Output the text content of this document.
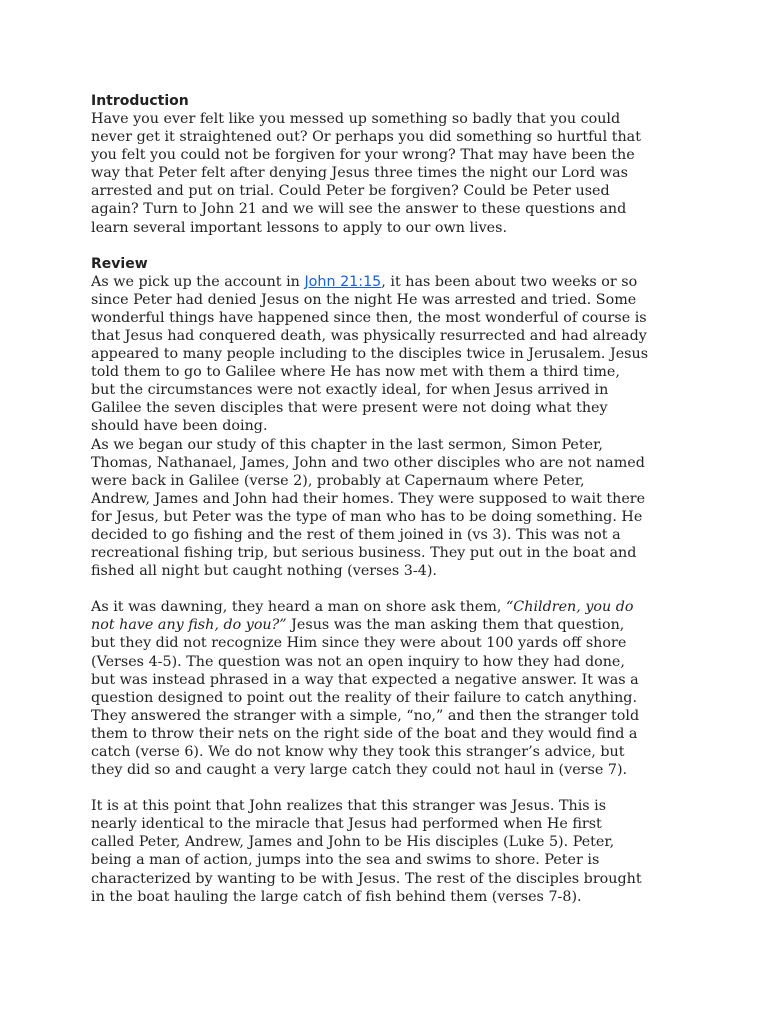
Introduction

Have you ever felt like you messed up something so badly that you could
never get it straightened out? Or perhaps you did something so hurtful that
you felt you could not be forgiven for your wrong? That may have been the
way that Peter felt after denying Jesus three times the night our Lord was
arrested and put on trial. Could Peter be forgiven? Could be Peter used
again? Turn to John 21 and we will see the answer to these questions and
learn several important lessons to apply to our own lives.

Review

As we pick up the account in John 21:15, it has been about two weeks or so
since Peter had denied Jesus on the night He was arrested and tried. Some
wonderful things have happened since then, the most wonderful of course is
that Jesus had conquered death, was physically resurrected and had already
appeared to many people including to the disciples twice in Jerusalem. Jesus
told them to go to Galilee where He has now met with them a third time,
but the circumstances were not exactly ideal, for when Jesus arrived in
Galilee the seven disciples that were present were not doing what they
should have been doing.

As we began our study of this chapter in the last sermon, Simon Peter,
Thomas, Nathanael, James, John and two other disciples who are not named
were back in Galilee (verse 2), probably at Capernaum where Peter,
Andrew, James and John had their homes. They were supposed to wait there
for Jesus, but Peter was the type of man who has to be doing something. He
decided to go fishing and the rest of them joined in (vs 3). This was not a
recreational fishing trip, but serious business. They put out in the boat and
fished all night but caught nothing (verses 3-4).

As it was dawning, they heard a man on shore ask them, “Children, you do
not have any fish, do you?” Jesus was the man asking them that question,
but they did not recognize Him since they were about 100 yards off shore
(Verses 4-5). The question was not an open inquiry to how they had done,
but was instead phrased in a way that expected a negative answer. It was a
question designed to point out the reality of their failure to catch anything.
They answered the stranger with a simple, “no,” and then the stranger told
them to throw their nets on the right side of the boat and they would find a
catch (verse 6). We do not know why they took this stranger’s advice, but
they did so and caught a very large catch they could not haul in (verse 7).

It is at this point that John realizes that this stranger was Jesus. This is
nearly identical to the miracle that Jesus had performed when He first
called Peter, Andrew, James and John to be His disciples (Luke 5). Peter,
being a man of action, jumps into the sea and swims to shore. Peter is
characterized by wanting to be with Jesus. The rest of the disciples brought
in the boat hauling the large catch of fish behind them (verses 7-8).
